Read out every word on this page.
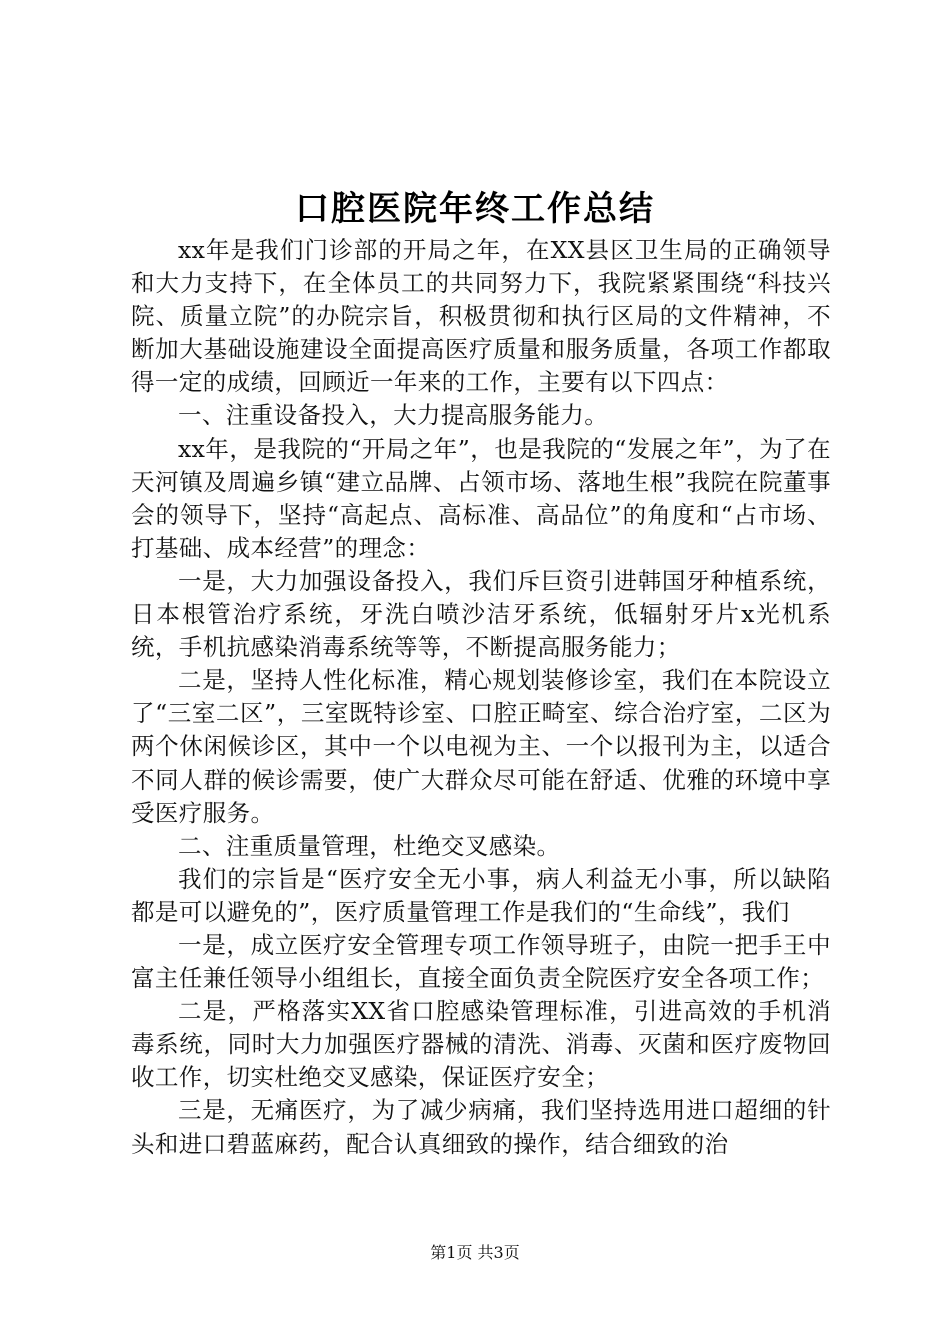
口腔医院年终工作总结

xx年是我们门诊部的开局之年，在XX县区卫生局的正确领导和大力支持下，在全体员工的共同努力下，我院紧紧围绕“科技兴院、质量立院”的办院宗旨，积极贯彻和执行区局的文件精神，不断加大基础设施建设全面提高医疗质量和服务质量，各项工作都取得一定的成绩，回顾近一年来的工作，主要有以下四点：

一、注重设备投入，大力提高服务能力。

xx年，是我院的“开局之年”，也是我院的“发展之年”，为了在天河镇及周遍乡镇“建立品牌、占领市场、落地生根”我院在院董事会的领导下，坚持“高起点、高标准、高品位”的角度和“占市场、打基础、成本经营”的理念：

一是，大力加强设备投入，我们斥巨资引进韩国牙种植系统，日本根管治疗系统，牙洗白喷沙洁牙系统，低辐射牙片x光机系统，手机抗感染消毒系统等等，不断提高服务能力；

二是，坚持人性化标准，精心规划装修诊室，我们在本院设立了“三室二区”，三室既特诊室、口腔正畸室、综合治疗室，二区为两个休闲候诊区，其中一个以电视为主、一个以报刊为主，以适合不同人群的候诊需要，使广大群众尽可能在舒适、优雅的环境中享受医疗服务。

二、注重质量管理，杜绝交叉感染。

我们的宗旨是“医疗安全无小事，病人利益无小事，所以缺陷都是可以避免的”，医疗质量管理工作是我们的“生命线”，我们

一是，成立医疗安全管理专项工作领导班子，由院一把手王中富主任兼任领导小组组长，直接全面负责全院医疗安全各项工作；

二是，严格落实XX省口腔感染管理标准，引进高效的手机消毒系统，同时大力加强医疗器械的清洗、消毒、灭菌和医疗废物回收工作，切实杜绝交叉感染，保证医疗安全；

三是，无痛医疗，为了减少病痛，我们坚持选用进口超细的针头和进口碧蓝麻药，配合认真细致的操作，结合细致的治

第1页 共3页
